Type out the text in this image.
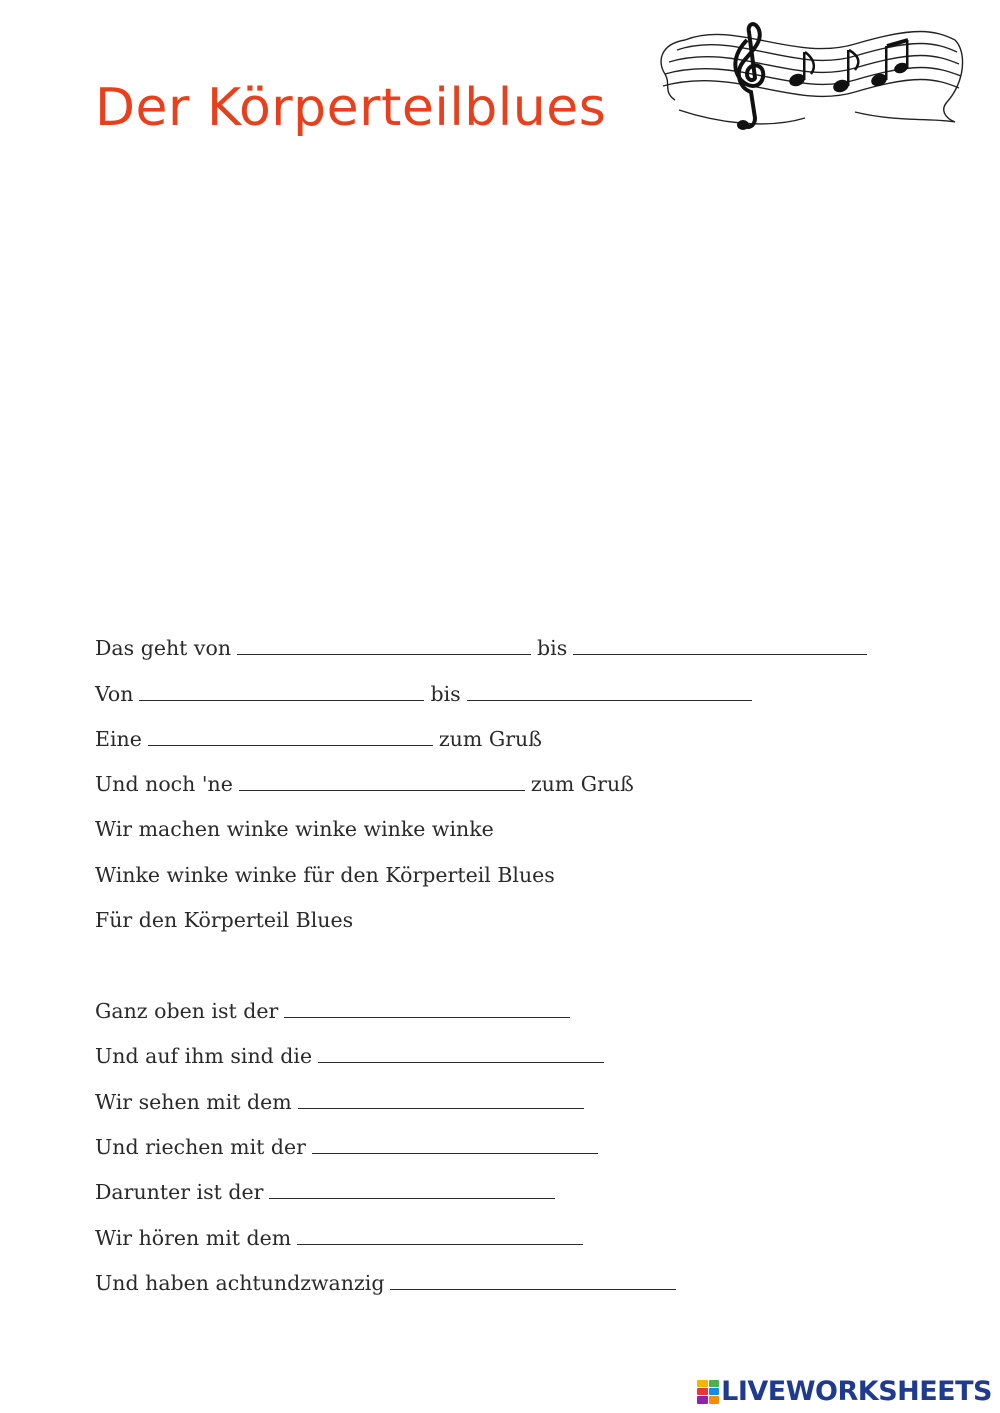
Der Körperteilblues
Das geht von	bis
Von	bis
Eine	zum Gruß
Und noch 'ne	zum Gruß
Wir machen winke winke winke winke
Winke winke winke für den Körperteil Blues
Für den Körperteil Blues
Ganz oben ist der
Und auf ihm sind die
Wir sehen mit dem
Und riechen mit der
Darunter ist der
Wir hören mit dem
Und haben achtundzwanzig
LIVEWORKSHEETS
